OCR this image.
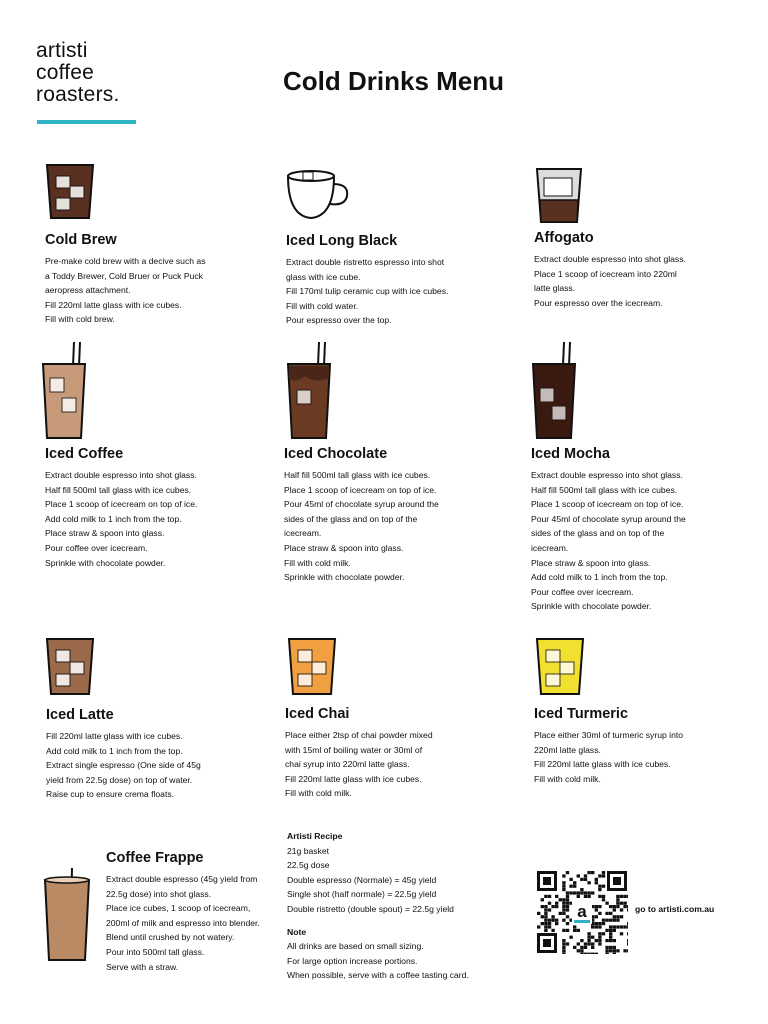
artisti
coffee
roasters.	Cold Drinks Menu
Cold Brew
Pre-make cold brew with a decive such as
a Toddy Brewer, Cold Bruer or Puck Puck
aeropress attachment.
Fill 220ml latte glass with ice cubes.
Fill with cold brew.
Iced Long Black
Extract double ristretto espresso into shot
glass with ice cube.
Fill 170ml tulip ceramic cup with ice cubes.
Fill with cold water.
Pour espresso over the top.
Affogato
Extract double espresso into shot glass.
Place 1 scoop of icecream into 220ml
latte glass.
Pour espresso over the icecream.
Iced Coffee
Extract double espresso into shot glass.
Half fill 500ml tall glass with ice cubes.
Place 1 scoop of icecream on top of ice.
Add cold milk to 1 inch from the top.
Place straw & spoon into glass.
Pour coffee over icecream.
Sprinkle with chocolate powder.
Iced Chocolate
Half fill 500ml tall glass with ice cubes.
Place 1 scoop of icecream on top of ice.
Pour 45ml of chocolate syrup around the
sides of the glass and on top of the
icecream.
Place straw & spoon into glass.
Fill with cold milk.
Sprinkle with chocolate powder.
Iced Mocha
Extract double espresso into shot glass.
Half fill 500ml tall glass with ice cubes.
Place 1 scoop of icecream on top of ice.
Pour 45ml of chocolate syrup around the
sides of the glass and on top of the
icecream.
Place straw & spoon into glass.
Add cold milk to 1 inch from the top.
Pour coffee over icecream.
Sprinkle with chocolate powder.
Iced Latte
Fill 220ml latte glass with ice cubes.
Add cold milk to 1 inch from the top.
Extract single espresso (One side of 45g
yield from 22.5g dose) on top of water.
Raise cup to ensure crema floats.
Iced Chai
Place either 2tsp of chai powder mixed
with 15ml of boiling water or 30ml of
chai syrup into 220ml latte glass.
Fill 220ml latte glass with ice cubes.
Fill with cold milk.
Iced Turmeric
Place either 30ml of turmeric syrup into
220ml latte glass.
Fill 220ml latte glass with ice cubes.
Fill with cold milk.
Coffee Frappe
Extract double espresso (45g yield from
22.5g dose) into shot glass.
Place ice cubes, 1 scoop of icecream,
200ml of milk and espresso into blender.
Blend until crushed by not watery.
Pour into 500ml tall glass.
Serve with a straw.
Artisti Recipe
21g basket
22.5g dose
Double espresso (Normale) = 45g yield
Single shot (half normale) = 22.5g yield
Double ristretto (double spout) = 22.5g yield
Note
All drinks are based on small sizing.
For large option increase portions.
When possible, serve with a coffee tasting card.
a	go to artisti.com.au
